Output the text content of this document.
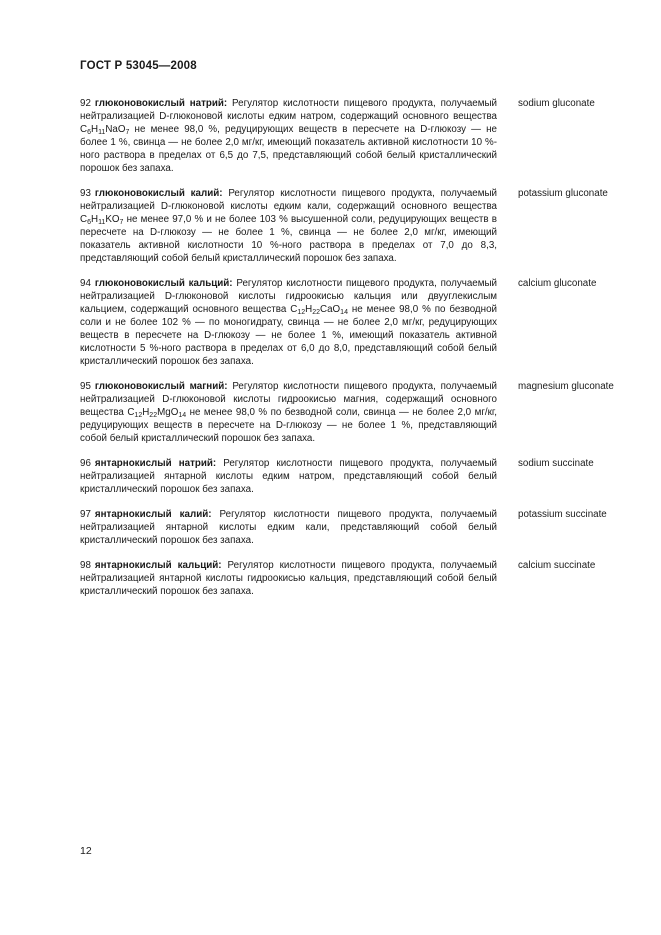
ГОСТ Р 53045—2008
92 глюконовокислый натрий: Регулятор кислотности пищевого продукта, получаемый нейтрализацией D-глюконовой кислоты едким натром, содержащий основного вещества $C_6H_{11}NaO_7$ не менее 98,0 %, редуцирующих веществ в пересчете на D-глюкозу — не более 1 %, свинца — не более 2,0 мг/кг, имеющий показатель активной кислотности 10 %-ного раствора в пределах от 6,5 до 7,5, представляющий собой белый кристаллический порошок без запаха.
sodium gluconate
93 глюконовокислый калий: Регулятор кислотности пищевого продукта, получаемый нейтрализацией D-глюконовой кислоты едким кали, содержащий основного вещества $C_6H_{11}KO_7$ не менее 97,0 % и не более 103 % высушенной соли, редуцирующих веществ в пересчете на D-глюкозу — не более 1 %, свинца — не более 2,0 мг/кг, имеющий показатель активной кислотности 10 %-ного раствора в пределах от 7,0 до 8,3, представляющий собой белый кристаллический порошок без запаха.
potassium gluconate
94 глюконовокислый кальций: Регулятор кислотности пищевого продукта, получаемый нейтрализацией D-глюконовой кислоты гидроокисью кальция или двууглекислым кальцием, содержащий основного вещества $C_{12}H_{22}CaO_{14}$ не менее 98,0 % по безводной соли и не более 102 % — по моногидрату, свинца — не более 2,0 мг/кг, редуцирующих веществ в пересчете на D-глюкозу — не более 1 %, имеющий показатель активной кислотности 5 %-ного раствора в пределах от 6,0 до 8,0, представляющий собой белый кристаллический порошок без запаха.
calcium gluconate
95 глюконовокислый магний: Регулятор кислотности пищевого продукта, получаемый нейтрализацией D-глюконовой кислоты гидроокисью магния, содержащий основного вещества $C_{12}H_{22}MgO_{14}$ не менее 98,0 % по безводной соли, свинца — не более 2,0 мг/кг, редуцирующих веществ в пересчете на D-глюкозу — не более 1 %, представляющий собой белый кристаллический порошок без запаха.
magnesium gluconate
96 янтарнокислый натрий: Регулятор кислотности пищевого продукта, получаемый нейтрализацией янтарной кислоты едким натром, представляющий собой белый кристаллический порошок без запаха.
sodium succinate
97 янтарнокислый калий: Регулятор кислотности пищевого продукта, получаемый нейтрализацией янтарной кислоты едким кали, представляющий собой белый кристаллический порошок без запаха.
potassium succinate
98 янтарнокислый кальций: Регулятор кислотности пищевого продукта, получаемый нейтрализацией янтарной кислоты гидроокисью кальция, представляющий собой белый кристаллический порошок без запаха.
calcium succinate
12
